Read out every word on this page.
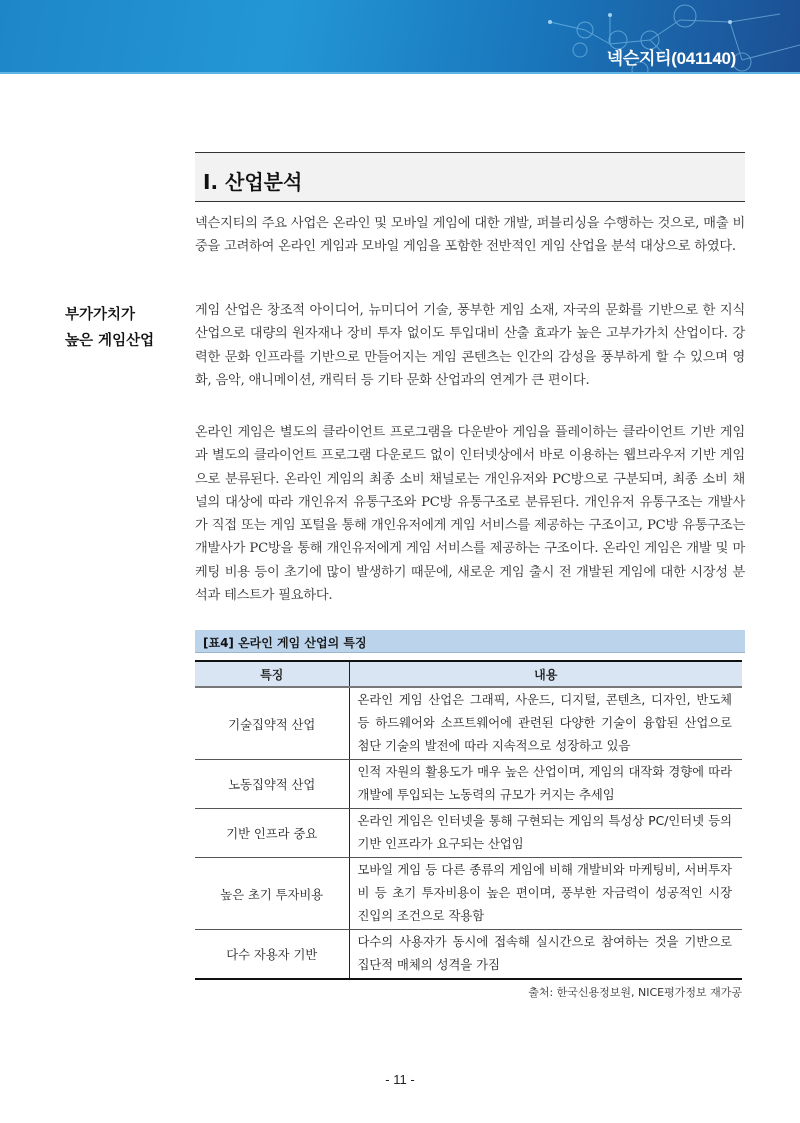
넥슨지티(041140)
I. 산업분석

넥슨지티의 주요 사업은 온라인 및 모바일 게임에 대한 개발, 퍼블리싱을 수행하는 것으로, 매출 비중을 고려하여 온라인 게임과 모바일 게임을 포함한 전반적인 게임 산업을 분석 대상으로 하였다.

부가가치가
높은 게임산업

게임 산업은 창조적 아이디어, 뉴미디어 기술, 풍부한 게임 소재, 자국의 문화를 기반으로 한 지식산업으로 대량의 원자재나 장비 투자 없이도 투입대비 산출 효과가 높은 고부가가치 산업이다. 강력한 문화 인프라를 기반으로 만들어지는 게임 콘텐츠는 인간의 감성을 풍부하게 할 수 있으며 영화, 음악, 애니메이션, 캐릭터 등 기타 문화 산업과의 연계가 큰 편이다.

온라인 게임은 별도의 클라이언트 프로그램을 다운받아 게임을 플레이하는 클라이언트 기반 게임과 별도의 클라이언트 프로그램 다운로드 없이 인터넷상에서 바로 이용하는 웹브라우저 기반 게임으로 분류된다. 온라인 게임의 최종 소비 채널로는 개인유저와 PC방으로 구분되며, 최종 소비 채널의 대상에 따라 개인유저 유통구조와 PC방 유통구조로 분류된다. 개인유저 유통구조는 개발사가 직접 또는 게임 포털을 통해 개인유저에게 게임 서비스를 제공하는 구조이고, PC방 유통구조는 개발사가 PC방을 통해 개인유저에게 게임 서비스를 제공하는 구조이다. 온라인 게임은 개발 및 마케팅 비용 등이 초기에 많이 발생하기 때문에, 새로운 게임 출시 전 개발된 게임에 대한 시장성 분석과 테스트가 필요하다.

[표4] 온라인 게임 산업의 특징
특징	내용
기술집약적 산업	온라인 게임 산업은 그래픽, 사운드, 디지털, 콘텐츠, 디자인, 반도체 등 하드웨어와 소프트웨어에 관련된 다양한 기술이 융합된 산업으로 첨단 기술의 발전에 따라 지속적으로 성장하고 있음
노동집약적 산업	인적 자원의 활용도가 매우 높은 산업이며, 게임의 대작화 경향에 따라 개발에 투입되는 노동력의 규모가 커지는 추세임
기반 인프라 중요	온라인 게임은 인터넷을 통해 구현되는 게임의 특성상 PC/인터넷 등의 기반 인프라가 요구되는 산업임
높은 초기 투자비용	모바일 게임 등 다른 종류의 게임에 비해 개발비와 마케팅비, 서버투자비 등 초기 투자비용이 높은 편이며, 풍부한 자금력이 성공적인 시장 진입의 조건으로 작용함
다수 자용자 기반	다수의 사용자가 동시에 접속해 실시간으로 참여하는 것을 기반으로 집단적 매체의 성격을 가짐
출처: 한국신용정보원, NICE평가정보 재가공
- 11 -
